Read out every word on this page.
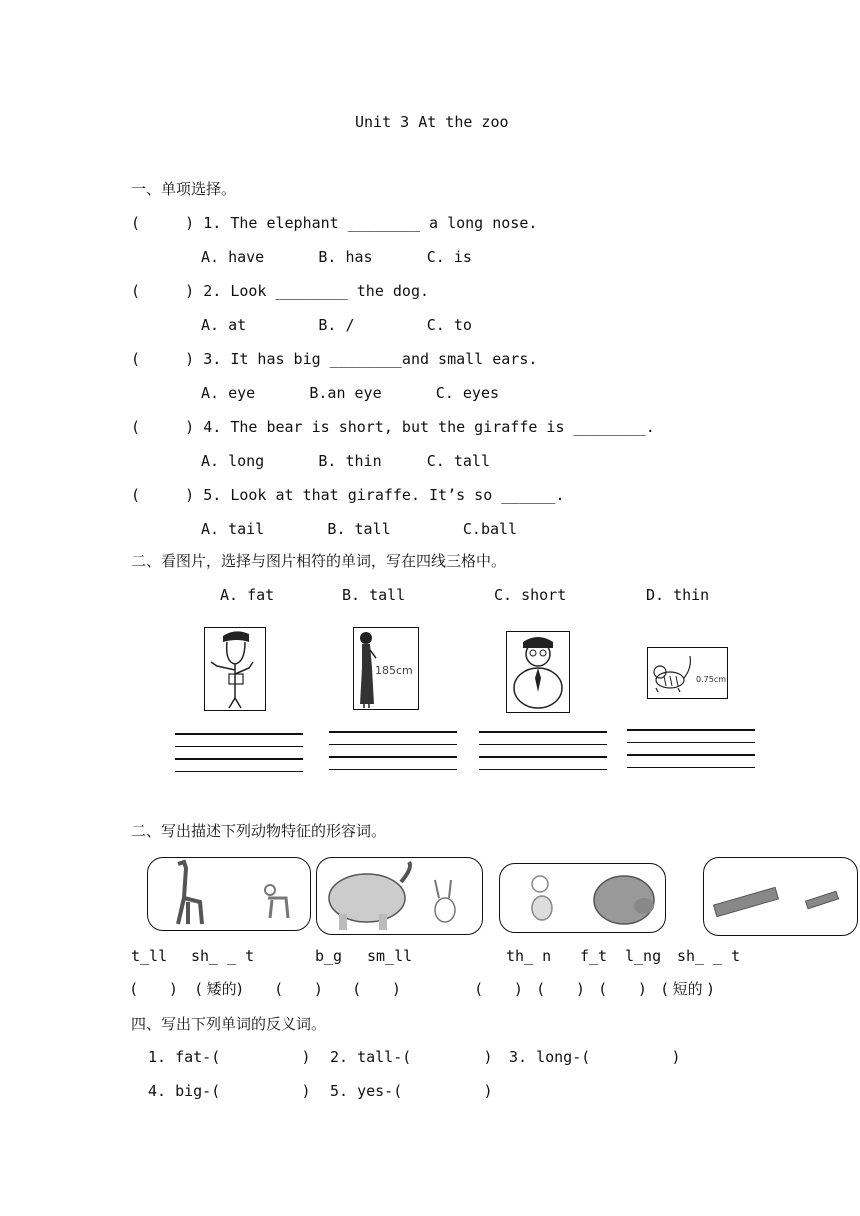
Unit 3 At the zoo
一、单项选择。
(     ) 1. The elephant ________ a long nose.
A. have      B. has      C. is
(     ) 2. Look ________ the dog.
A. at        B. /        C. to
(     ) 3. It has big ________and small ears.
A. eye      B.an eye      C. eyes
(     ) 4. The bear is short, but the giraffe is ________.
A. long      B. thin     C. tall
(     ) 5. Look at that giraffe. It’s so ______.
A. tail       B. tall        C.ball
二、看图片，选择与图片相符的单词，写在四线三格中。
A. fat	B. tall	C. short	D. thin
185cm
0.75cm
二、写出描述下列动物特征的形容词。
t_ll sh_ _ t	b_g sm_ll	th_ n f_t l_ng sh_ _ t
(       ) ( 矮的) (       ) (       )	(       ) (       ) (       ) ( 短的 )
四、写出下列单词的反义词。
1. fat-(         ) 2. tall-(        ) 3. long-(         )
4. big-(         ) 5. yes-(         )
